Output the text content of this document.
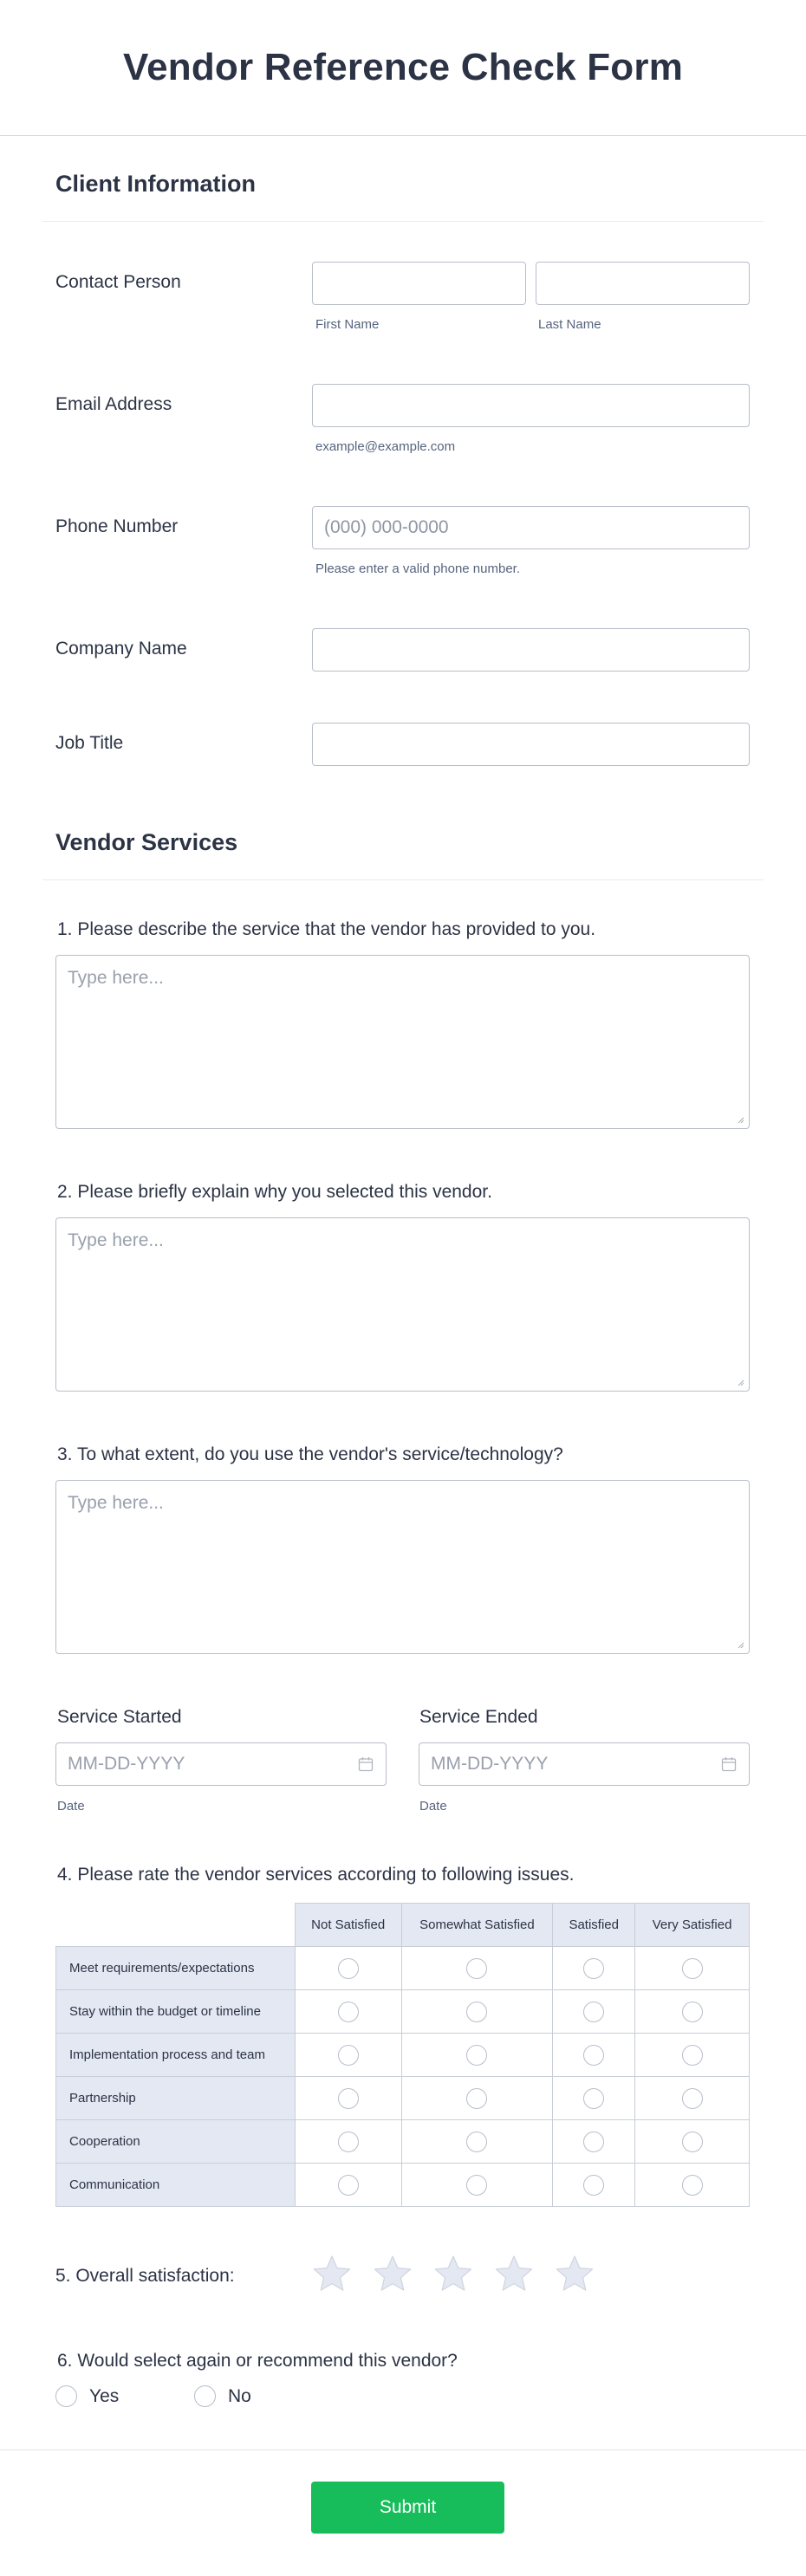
Vendor Reference Check Form
Client Information
Contact Person
First Name	Last Name
Email Address
example@example.com
Phone Number
(000) 000-0000
Please enter a valid phone number.
Company Name
Job Title
Vendor Services
1. Please describe the service that the vendor has provided to you.
Type here...
2. Please briefly explain why you selected this vendor.
Type here...
3. To what extent, do you use the vendor's service/technology?
Type here...
Service Started
MM-DD-YYYY
Date
Service Ended
MM-DD-YYYY
Date
4. Please rate the vendor services according to following issues.
	Not Satisfied	Somewhat Satisfied	Satisfied	Very Satisfied
Meet requirements/expectations				
Stay within the budget or timeline				
Implementation process and team				
Partnership				
Cooperation				
Communication				
5. Overall satisfaction:
6. Would select again or recommend this vendor?
Yes	No
Submit
